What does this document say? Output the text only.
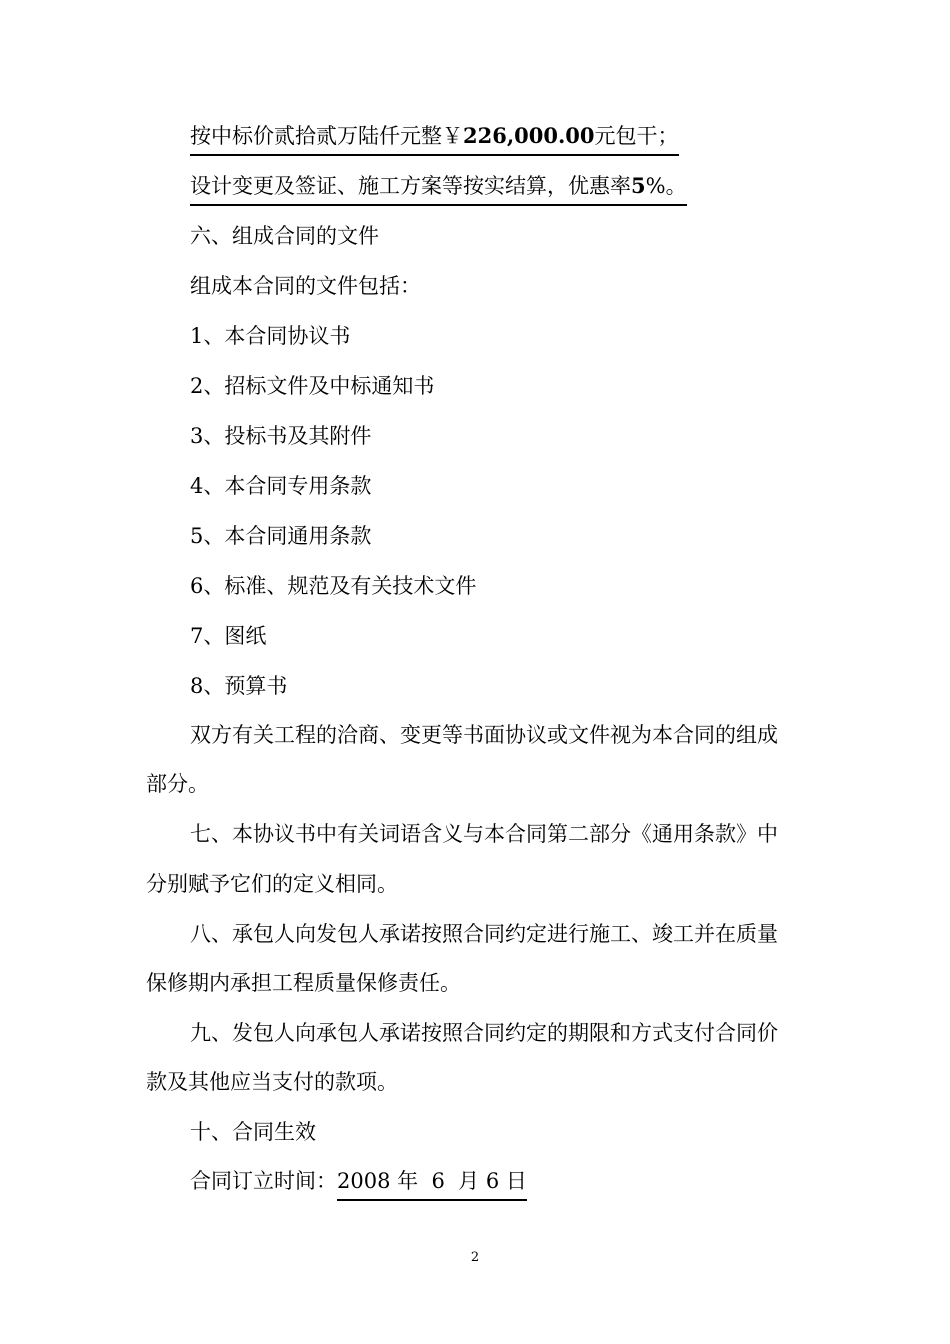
按中标价贰拾贰万陆仟元整￥226,000.00元包干；
设计变更及签证、施工方案等按实结算，优惠率5%。
六、组成合同的文件
组成本合同的文件包括：
1、本合同协议书
2、招标文件及中标通知书
3、投标书及其附件
4、本合同专用条款
5、本合同通用条款
6、标准、规范及有关技术文件
7、图纸
8、预算书
双方有关工程的洽商、变更等书面协议或文件视为本合同的组成
部分。
七、本协议书中有关词语含义与本合同第二部分《通用条款》中
分别赋予它们的定义相同。
八、承包人向发包人承诺按照合同约定进行施工、竣工并在质量
保修期内承担工程质量保修责任。
九、发包人向承包人承诺按照合同约定的期限和方式支付合同价
款及其他应当支付的款项。
十、合同生效
合同订立时间：2008 年  6  月 6 日
2
